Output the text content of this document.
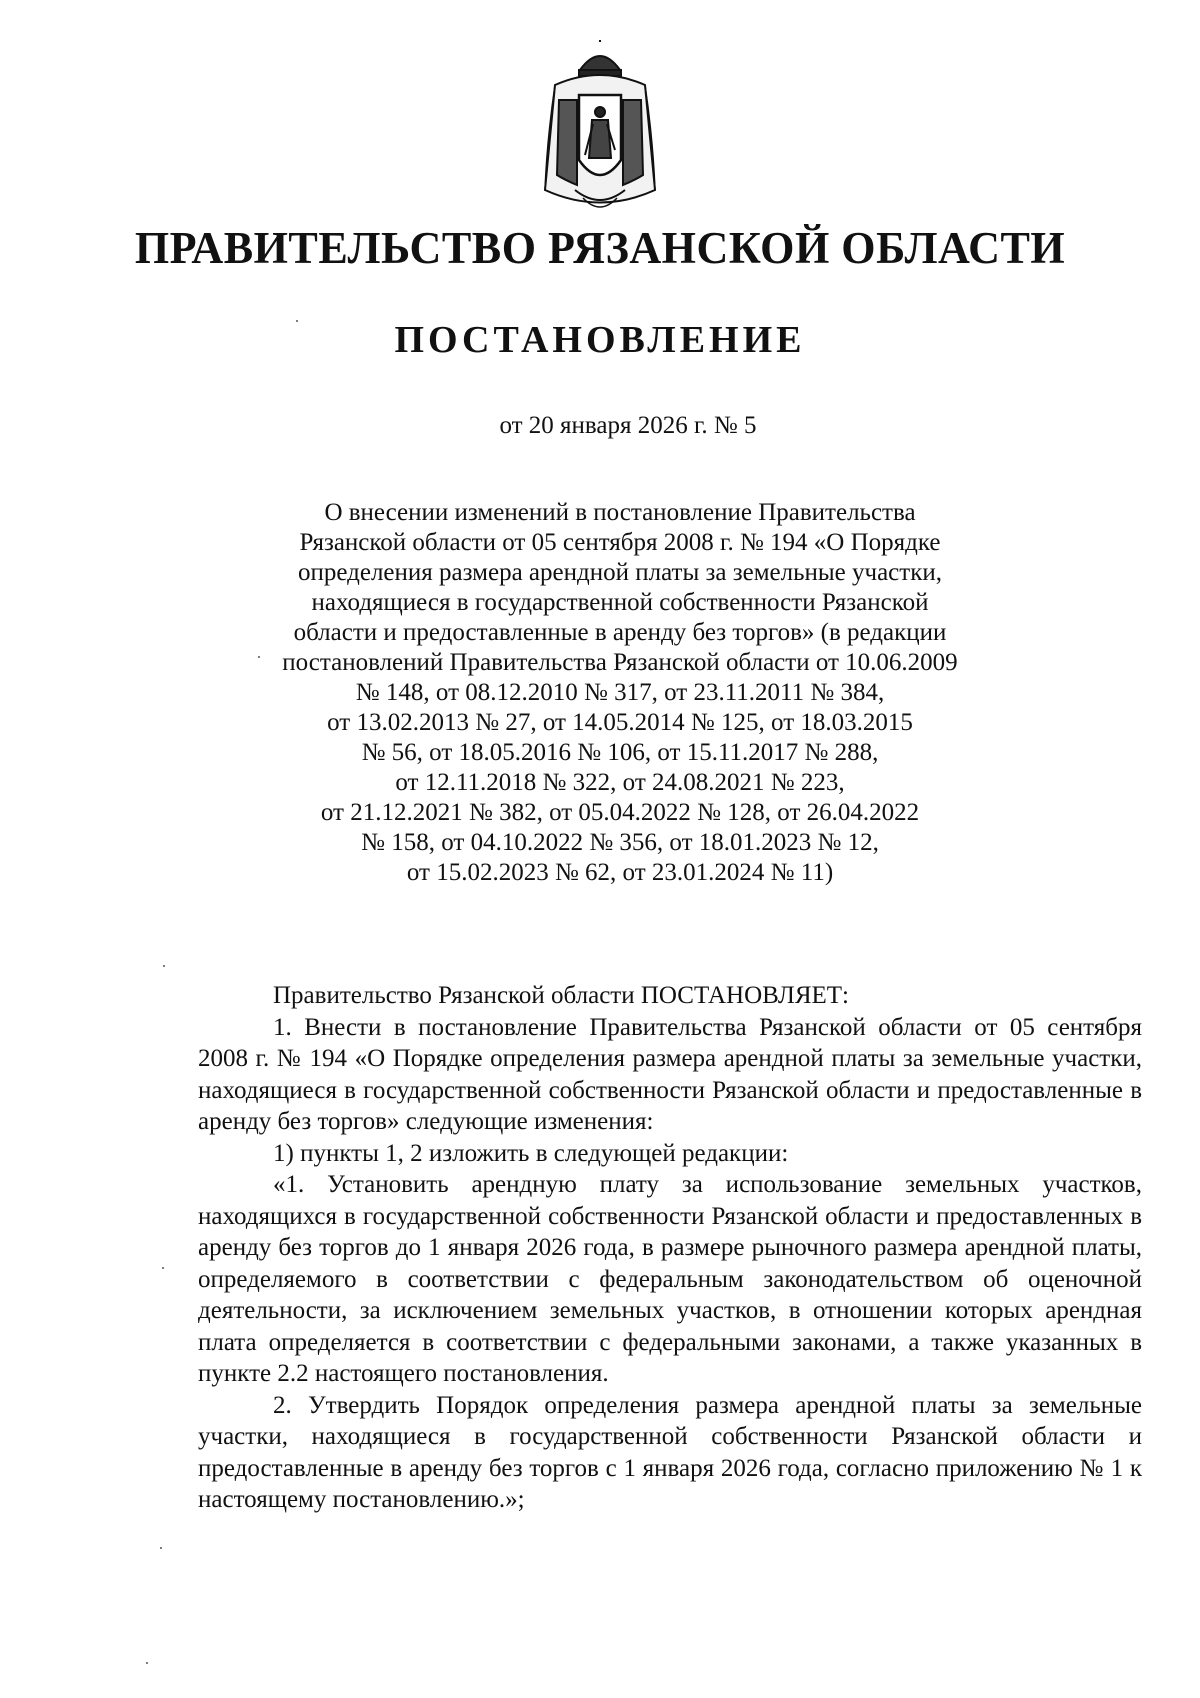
ПРАВИТЕЛЬСТВО РЯЗАНСКОЙ ОБЛАСТИ
ПОСТАНОВЛЕНИЕ
от 20 января 2026 г. № 5
О внесении изменений в постановление Правительства
Рязанской области от 05 сентября 2008 г. № 194 «О Порядке
определения размера арендной платы за земельные участки,
находящиеся в государственной собственности Рязанской
области и предоставленные в аренду без торгов» (в редакции
постановлений Правительства Рязанской области от 10.06.2009
№ 148, от 08.12.2010 № 317, от 23.11.2011 № 384,
от 13.02.2013 № 27, от 14.05.2014 № 125, от 18.03.2015
№ 56, от 18.05.2016 № 106, от 15.11.2017 № 288,
от 12.11.2018 № 322, от 24.08.2021 № 223,
от 21.12.2021 № 382, от 05.04.2022 № 128, от 26.04.2022
№ 158, от 04.10.2022 № 356, от 18.01.2023 № 12,
от 15.02.2023 № 62, от 23.01.2024 № 11)

Правительство Рязанской области ПОСТАНОВЛЯЕТ:

1. Внести в постановление Правительства Рязанской области от 05 сентября 2008 г. № 194 «О Порядке определения размера арендной платы за земельные участки, находящиеся в государственной собственности Рязанской области и предоставленные в аренду без торгов» следующие изменения:

1) пункты 1, 2 изложить в следующей редакции:

«1. Установить арендную плату за использование земельных участков, находящихся в государственной собственности Рязанской области и предоставленных в аренду без торгов до 1 января 2026 года, в размере рыночного размера арендной платы, определяемого в соответствии с федеральным законодательством об оценочной деятельности, за исключением земельных участков, в отношении которых арендная плата определяется в соответствии с федеральными законами, а также указанных в пункте 2.2 настоящего постановления.

2. Утвердить Порядок определения размера арендной платы за земельные участки, находящиеся в государственной собственности Рязанской области и предоставленные в аренду без торгов с 1 января 2026 года, согласно приложению № 1 к настоящему постановлению.»;
